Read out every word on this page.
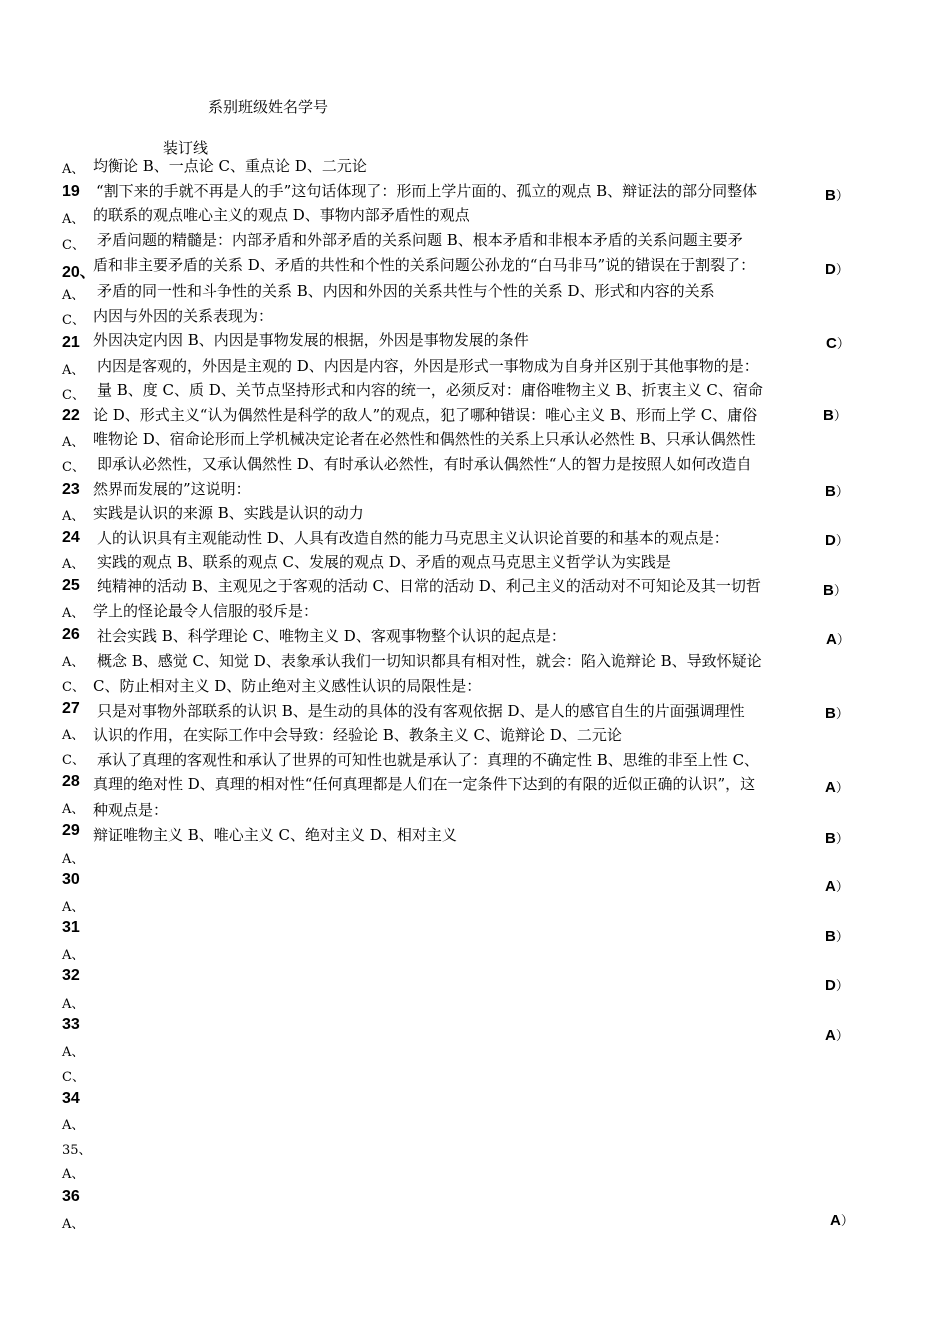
系别班级姓名学号
装订线
A、
19
A、
C、
20、
A、
C、
21
A、
C、
22
A、
C、
23
A、
24
A、
25
A、
26
A、
C、
27
A、
C、
28
A、
29
A、
30
A、
31
A、
32
A、
33
A、
C、
34
A、
35、
A、
36
A、
均衡论 B、一点论 C、重点论 D、二元论
“割下来的手就不再是人的手”这句话体现了：形而上学片面的、孤立的观点 B、辩证法的部分同整体
的联系的观点唯心主义的观点 D、事物内部矛盾性的观点
矛盾问题的精髓是：内部矛盾和外部矛盾的关系问题 B、根本矛盾和非根本矛盾的关系问题主要矛
盾和非主要矛盾的关系 D、矛盾的共性和个性的关系问题公孙龙的“白马非马”说的错误在于割裂了：
矛盾的同一性和斗争性的关系 B、内因和外因的关系共性与个性的关系 D、形式和内容的关系
内因与外因的关系表现为：
外因决定内因 B、内因是事物发展的根据，外因是事物发展的条件
内因是客观的，外因是主观的 D、内因是内容，外因是形式一事物成为自身并区别于其他事物的是：
量 B、度 C、质 D、关节点坚持形式和内容的统一，必须反对：庸俗唯物主义 B、折衷主义 C、宿命
论 D、形式主义“认为偶然性是科学的敌人”的观点，犯了哪种错误：唯心主义 B、形而上学 C、庸俗
唯物论 D、宿命论形而上学机械决定论者在必然性和偶然性的关系上只承认必然性 B、只承认偶然性
即承认必然性，又承认偶然性 D、有时承认必然性，有时承认偶然性“人的智力是按照人如何改造自
然界而发展的”这说明：
实践是认识的来源 B、实践是认识的动力
人的认识具有主观能动性 D、人具有改造自然的能力马克思主义认识论首要的和基本的观点是：
实践的观点 B、联系的观点 C、发展的观点 D、矛盾的观点马克思主义哲学认为实践是
纯精神的活动 B、主观见之于客观的活动 C、日常的活动 D、利己主义的活动对不可知论及其一切哲
学上的怪论最令人信服的驳斥是：
社会实践 B、科学理论 C、唯物主义 D、客观事物整个认识的起点是：
概念 B、感觉 C、知觉 D、表象承认我们一切知识都具有相对性，就会：陷入诡辩论 B、导致怀疑论
C、防止相对主义 D、防止绝对主义感性认识的局限性是：
只是对事物外部联系的认识 B、是生动的具体的没有客观依据 D、是人的感官自生的片面强调理性
认识的作用，在实际工作中会导致：经验论 B、教条主义 C、诡辩论 D、二元论
承认了真理的客观性和承认了世界的可知性也就是承认了：真理的不确定性 B、思维的非至上性 C、
真理的绝对性 D、真理的相对性“任何真理都是人们在一定条件下达到的有限的近似正确的认识”，这
种观点是：
辩证唯物主义 B、唯心主义 C、绝对主义 D、相对主义
B）
D）
C）
B）
B）
D）
B）
A）
B）
A）
B）
A）
B）
D）
A）
A）
